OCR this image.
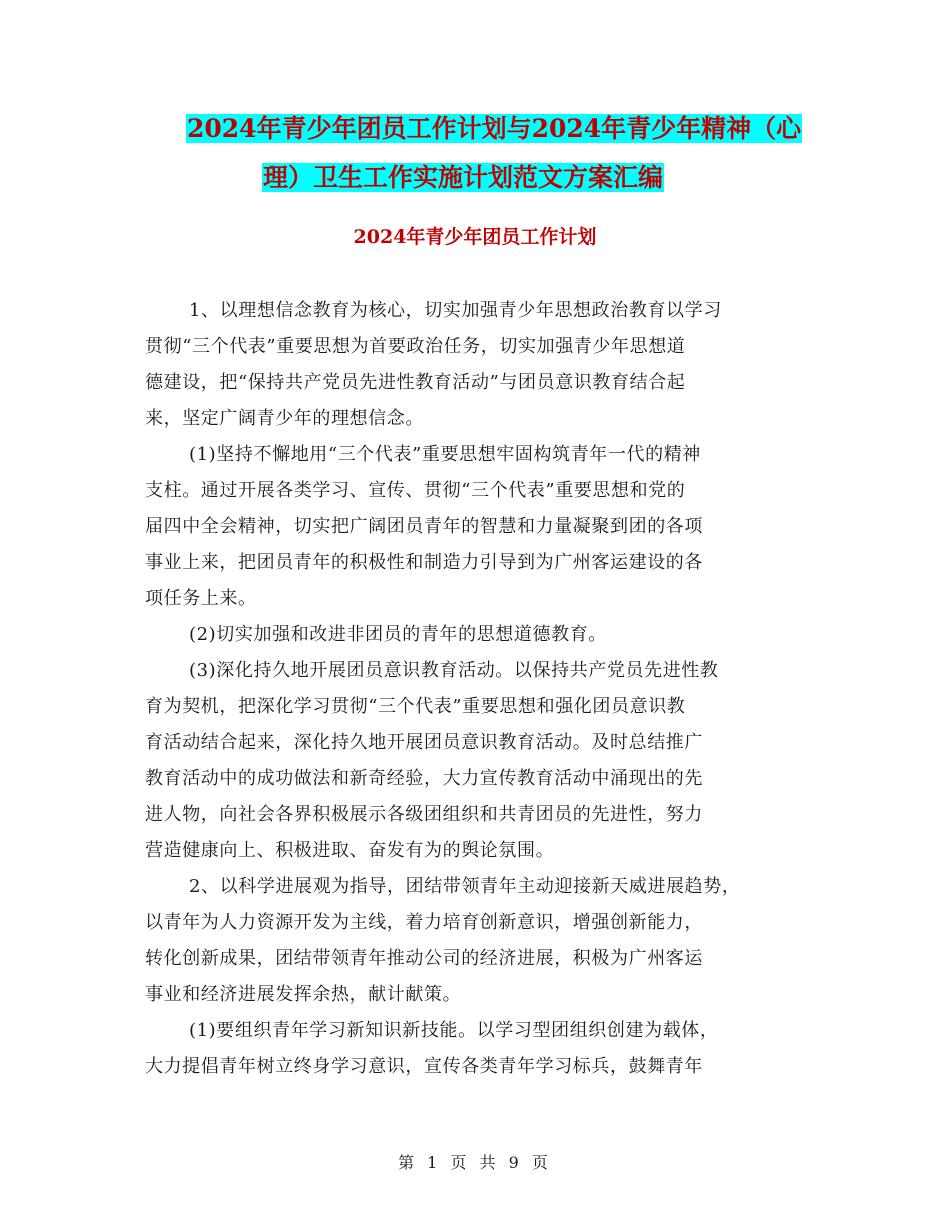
2024年青少年团员工作计划与2024年青少年精神（心
理）卫生工作实施计划范文方案汇编
2024年青少年团员工作计划
1、以理想信念教育为核心，切实加强青少年思想政治教育以学习
贯彻“三个代表”重要思想为首要政治任务，切实加强青少年思想道
德建设，把“保持共产党员先进性教育活动”与团员意识教育结合起
来，坚定广阔青少年的理想信念。
(1)坚持不懈地用“三个代表”重要思想牢固构筑青年一代的精神
支柱。通过开展各类学习、宣传、贯彻“三个代表”重要思想和党的
届四中全会精神，切实把广阔团员青年的智慧和力量凝聚到团的各项
事业上来，把团员青年的积极性和制造力引导到为广州客运建设的各
项任务上来。
(2)切实加强和改进非团员的青年的思想道德教育。
(3)深化持久地开展团员意识教育活动。以保持共产党员先进性教
育为契机，把深化学习贯彻“三个代表”重要思想和强化团员意识教
育活动结合起来，深化持久地开展团员意识教育活动。及时总结推广
教育活动中的成功做法和新奇经验，大力宣传教育活动中涌现出的先
进人物，向社会各界积极展示各级团组织和共青团员的先进性，努力
营造健康向上、积极进取、奋发有为的舆论氛围。
2、以科学进展观为指导，团结带领青年主动迎接新天威进展趋势，
以青年为人力资源开发为主线，着力培育创新意识，增强创新能力，
转化创新成果，团结带领青年推动公司的经济进展，积极为广州客运
事业和经济进展发挥余热，献计献策。
(1)要组织青年学习新知识新技能。以学习型团组织创建为载体，
大力提倡青年树立终身学习意识，宣传各类青年学习标兵，鼓舞青年
第 1 页 共 9 页
